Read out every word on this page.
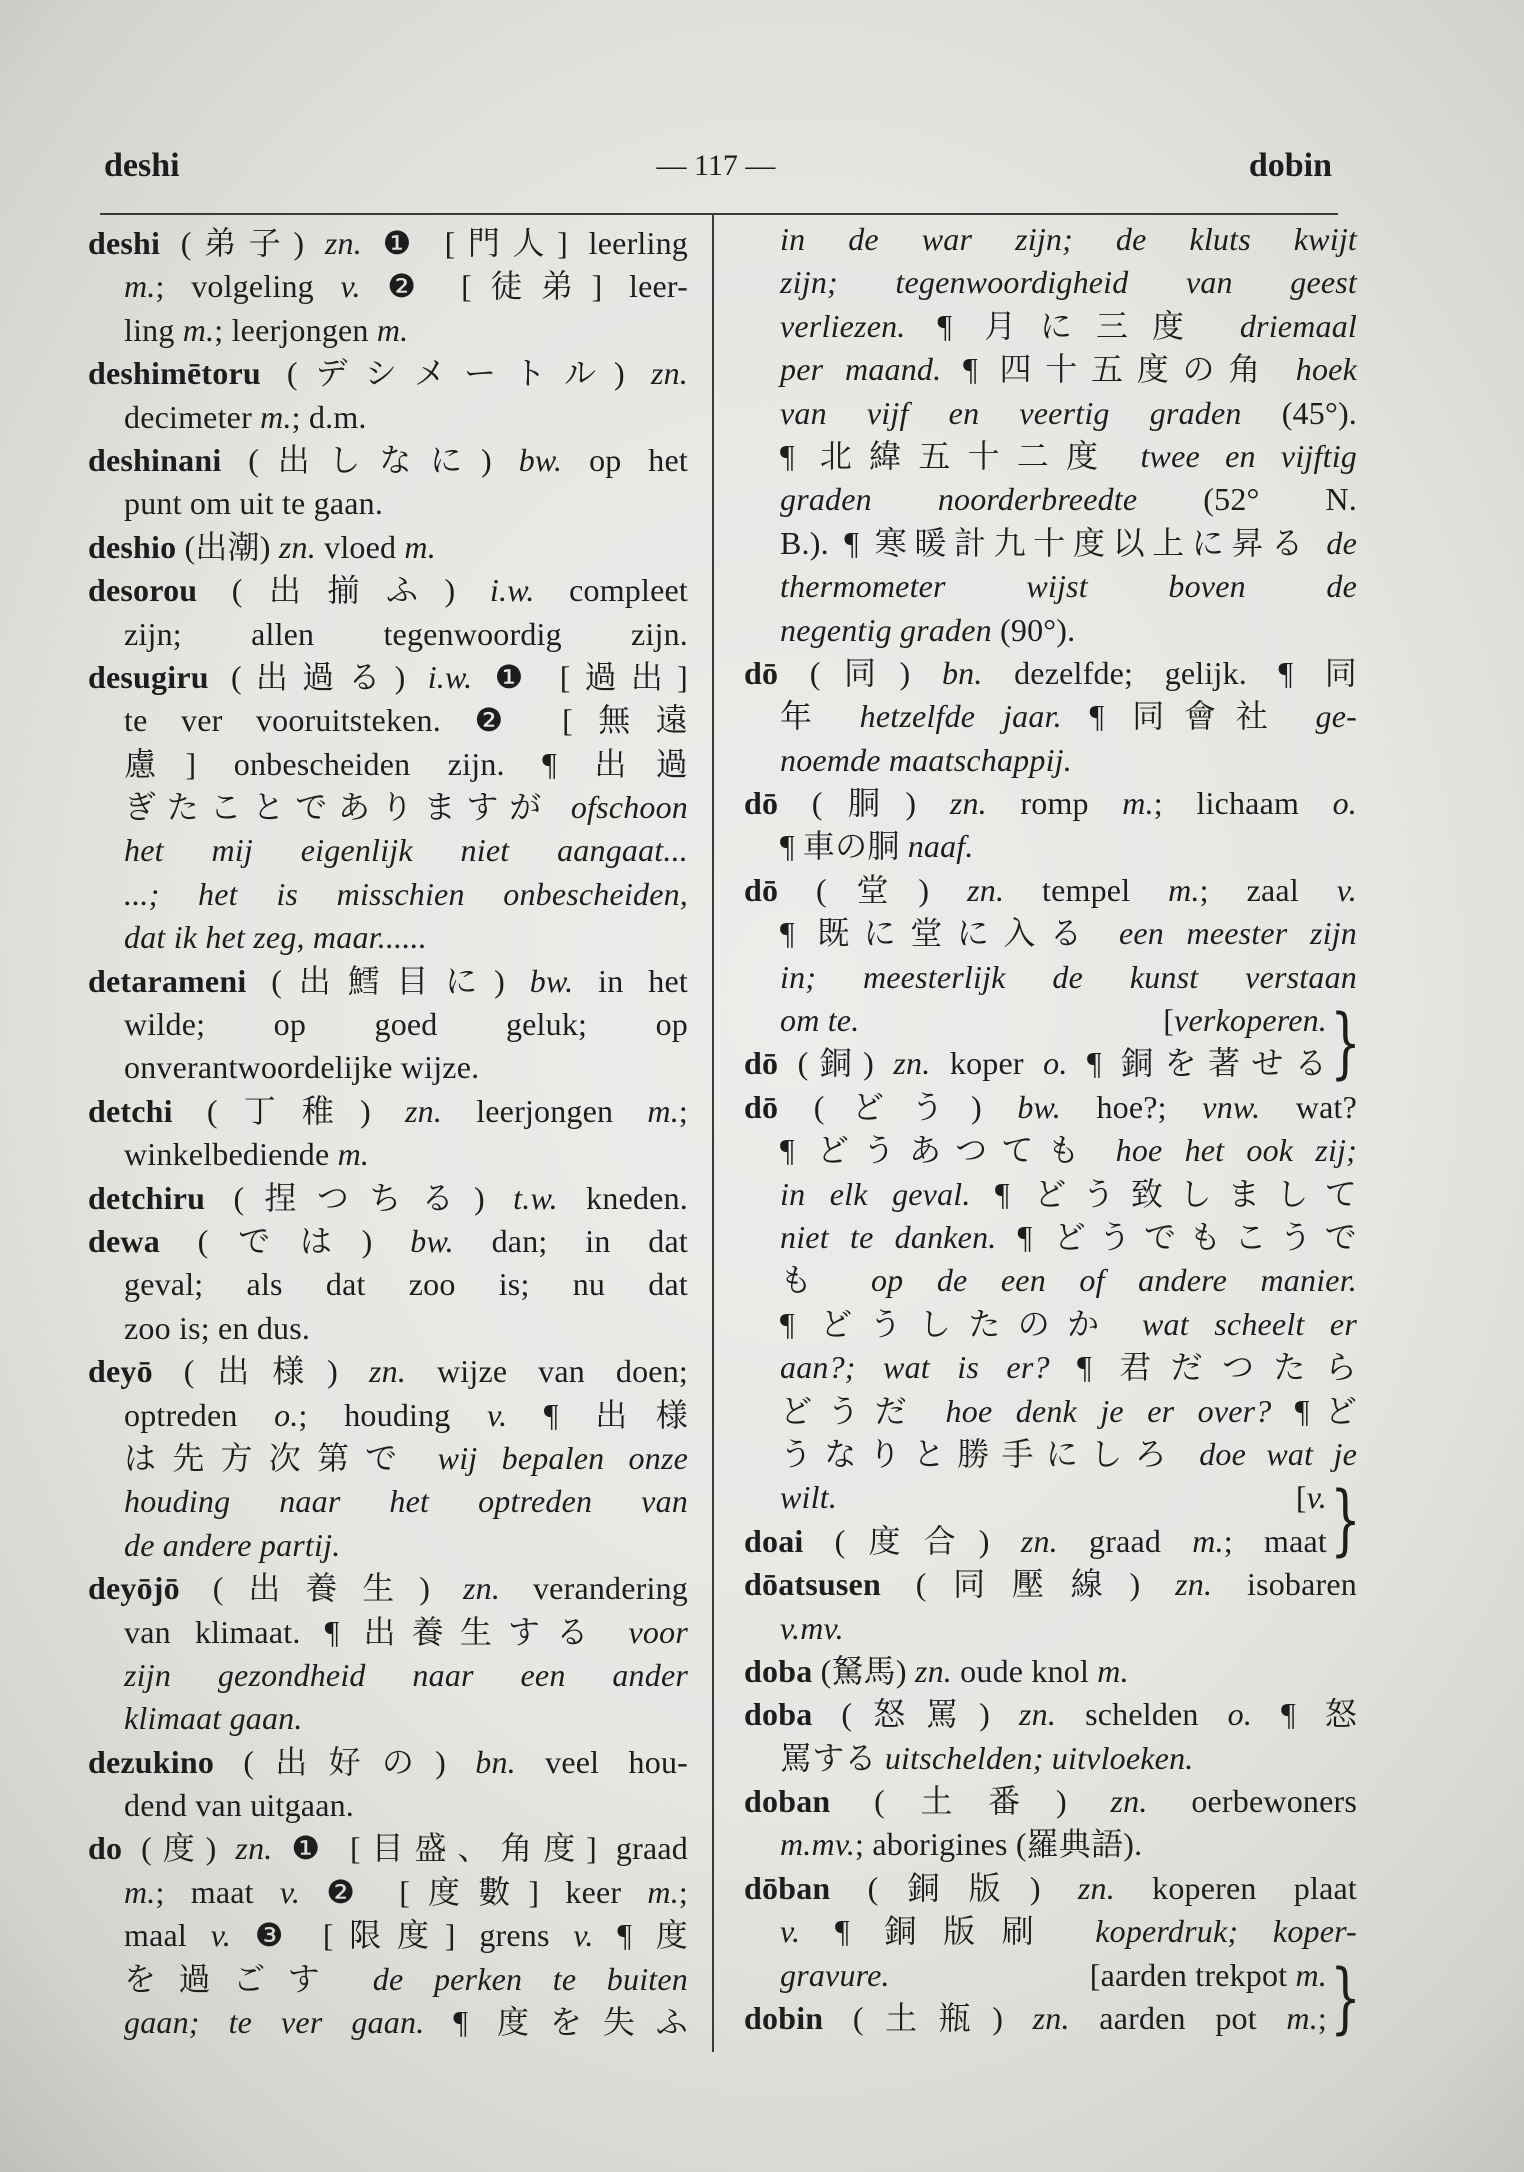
deshi	— 117 —	dobin
deshi (弟子) zn. ❶ [門人] leerling
m.; volgeling v. ❷ [徒弟] leer-
ling m.; leerjongen m.
deshimētoru (デシメートル) zn.
decimeter m.; d.m.
deshinani (出しなに) bw. op het
punt om uit te gaan.
deshio (出潮) zn. vloed m.
desorou (出揃ふ) i.w. compleet
zijn; allen tegenwoordig zijn.
desugiru (出過る) i.w. ❶ [過出]
te ver vooruitsteken. ❷ [無遠
慮] onbescheiden zijn. ¶ 出過
ぎたことでありますが ofschoon
het mij eigenlijk niet aangaat...
...; het is misschien onbescheiden,
dat ik het zeg, maar......
detarameni (出鱈目に) bw. in het
wilde; op goed geluk; op
onverantwoordelijke wijze.
detchi (丁稚) zn. leerjongen m.;
winkelbediende m.
detchiru (捏つちる) t.w. kneden.
dewa (では) bw. dan; in dat
geval; als dat zoo is; nu dat
zoo is; en dus.
deyō (出様) zn. wijze van doen;
optreden o.; houding v. ¶ 出様
は先方次第で wij bepalen onze
houding naar het optreden van
de andere partij.
deyōjō (出養生) zn. verandering
van klimaat. ¶ 出養生する voor
zijn gezondheid naar een ander
klimaat gaan.
dezukino (出好の) bn. veel hou-
dend van uitgaan.
do (度) zn. ❶ [目盛、角度] graad
m.; maat v. ❷ [度數] keer m.;
maal v. ❸ [限度] grens v. ¶ 度
を過ごす de perken te buiten
gaan; te ver gaan. ¶ 度を失ふ
in de war zijn; de kluts kwijt
zijn; tegenwoordigheid van geest
verliezen. ¶ 月に三度 driemaal
per maand. ¶ 四十五度の角 hoek
van vijf en veertig graden (45°).
¶ 北緯五十二度 twee en vijftig
graden noorderbreedte (52° N.
B.). ¶ 寒暖計九十度以上に昇る de
thermometer wijst boven de
negentig graden (90°).
dō (同) bn. dezelfde; gelijk. ¶ 同
年 hetzelfde jaar. ¶ 同會社 ge-
noemde maatschappij.
dō (胴) zn. romp m.; lichaam o.
¶ 車の胴 naaf.
dō (堂) zn. tempel m.; zaal v.
¶ 既に堂に入る een meester zijn
in; meesterlijk de kunst verstaan
om te.	[verkoperen.
}
dō (銅) zn. koper o. ¶ 銅を著せる
dō (どう) bw. hoe?; vnw. wat?
¶ どうあつても hoe het ook zij;
in elk geval. ¶ どう致しまして
niet te danken. ¶ どうでもこうで
も op de een of andere manier.
¶ どうしたのか wat scheelt er
aan?; wat is er? ¶ 君だつたら
どうだ hoe denk je er over? ¶ど
うなりと勝手にしろ doe wat je
wilt.	[v.
}
doai (度合) zn. graad m.; maat
dōatsusen (同壓線) zn. isobaren
v.mv.
doba (駑馬) zn. oude knol m.
doba (怒罵) zn. schelden o. ¶ 怒
罵する uitschelden; uitvloeken.
doban (土番) zn. oerbewoners
m.mv.; aborigines (羅典語).
dōban (銅版) zn. koperen plaat
v. ¶ 銅版刷 koperdruk; koper-
gravure.	[aarden trekpot m.
}
dobin (土瓶) zn. aarden pot m.;
